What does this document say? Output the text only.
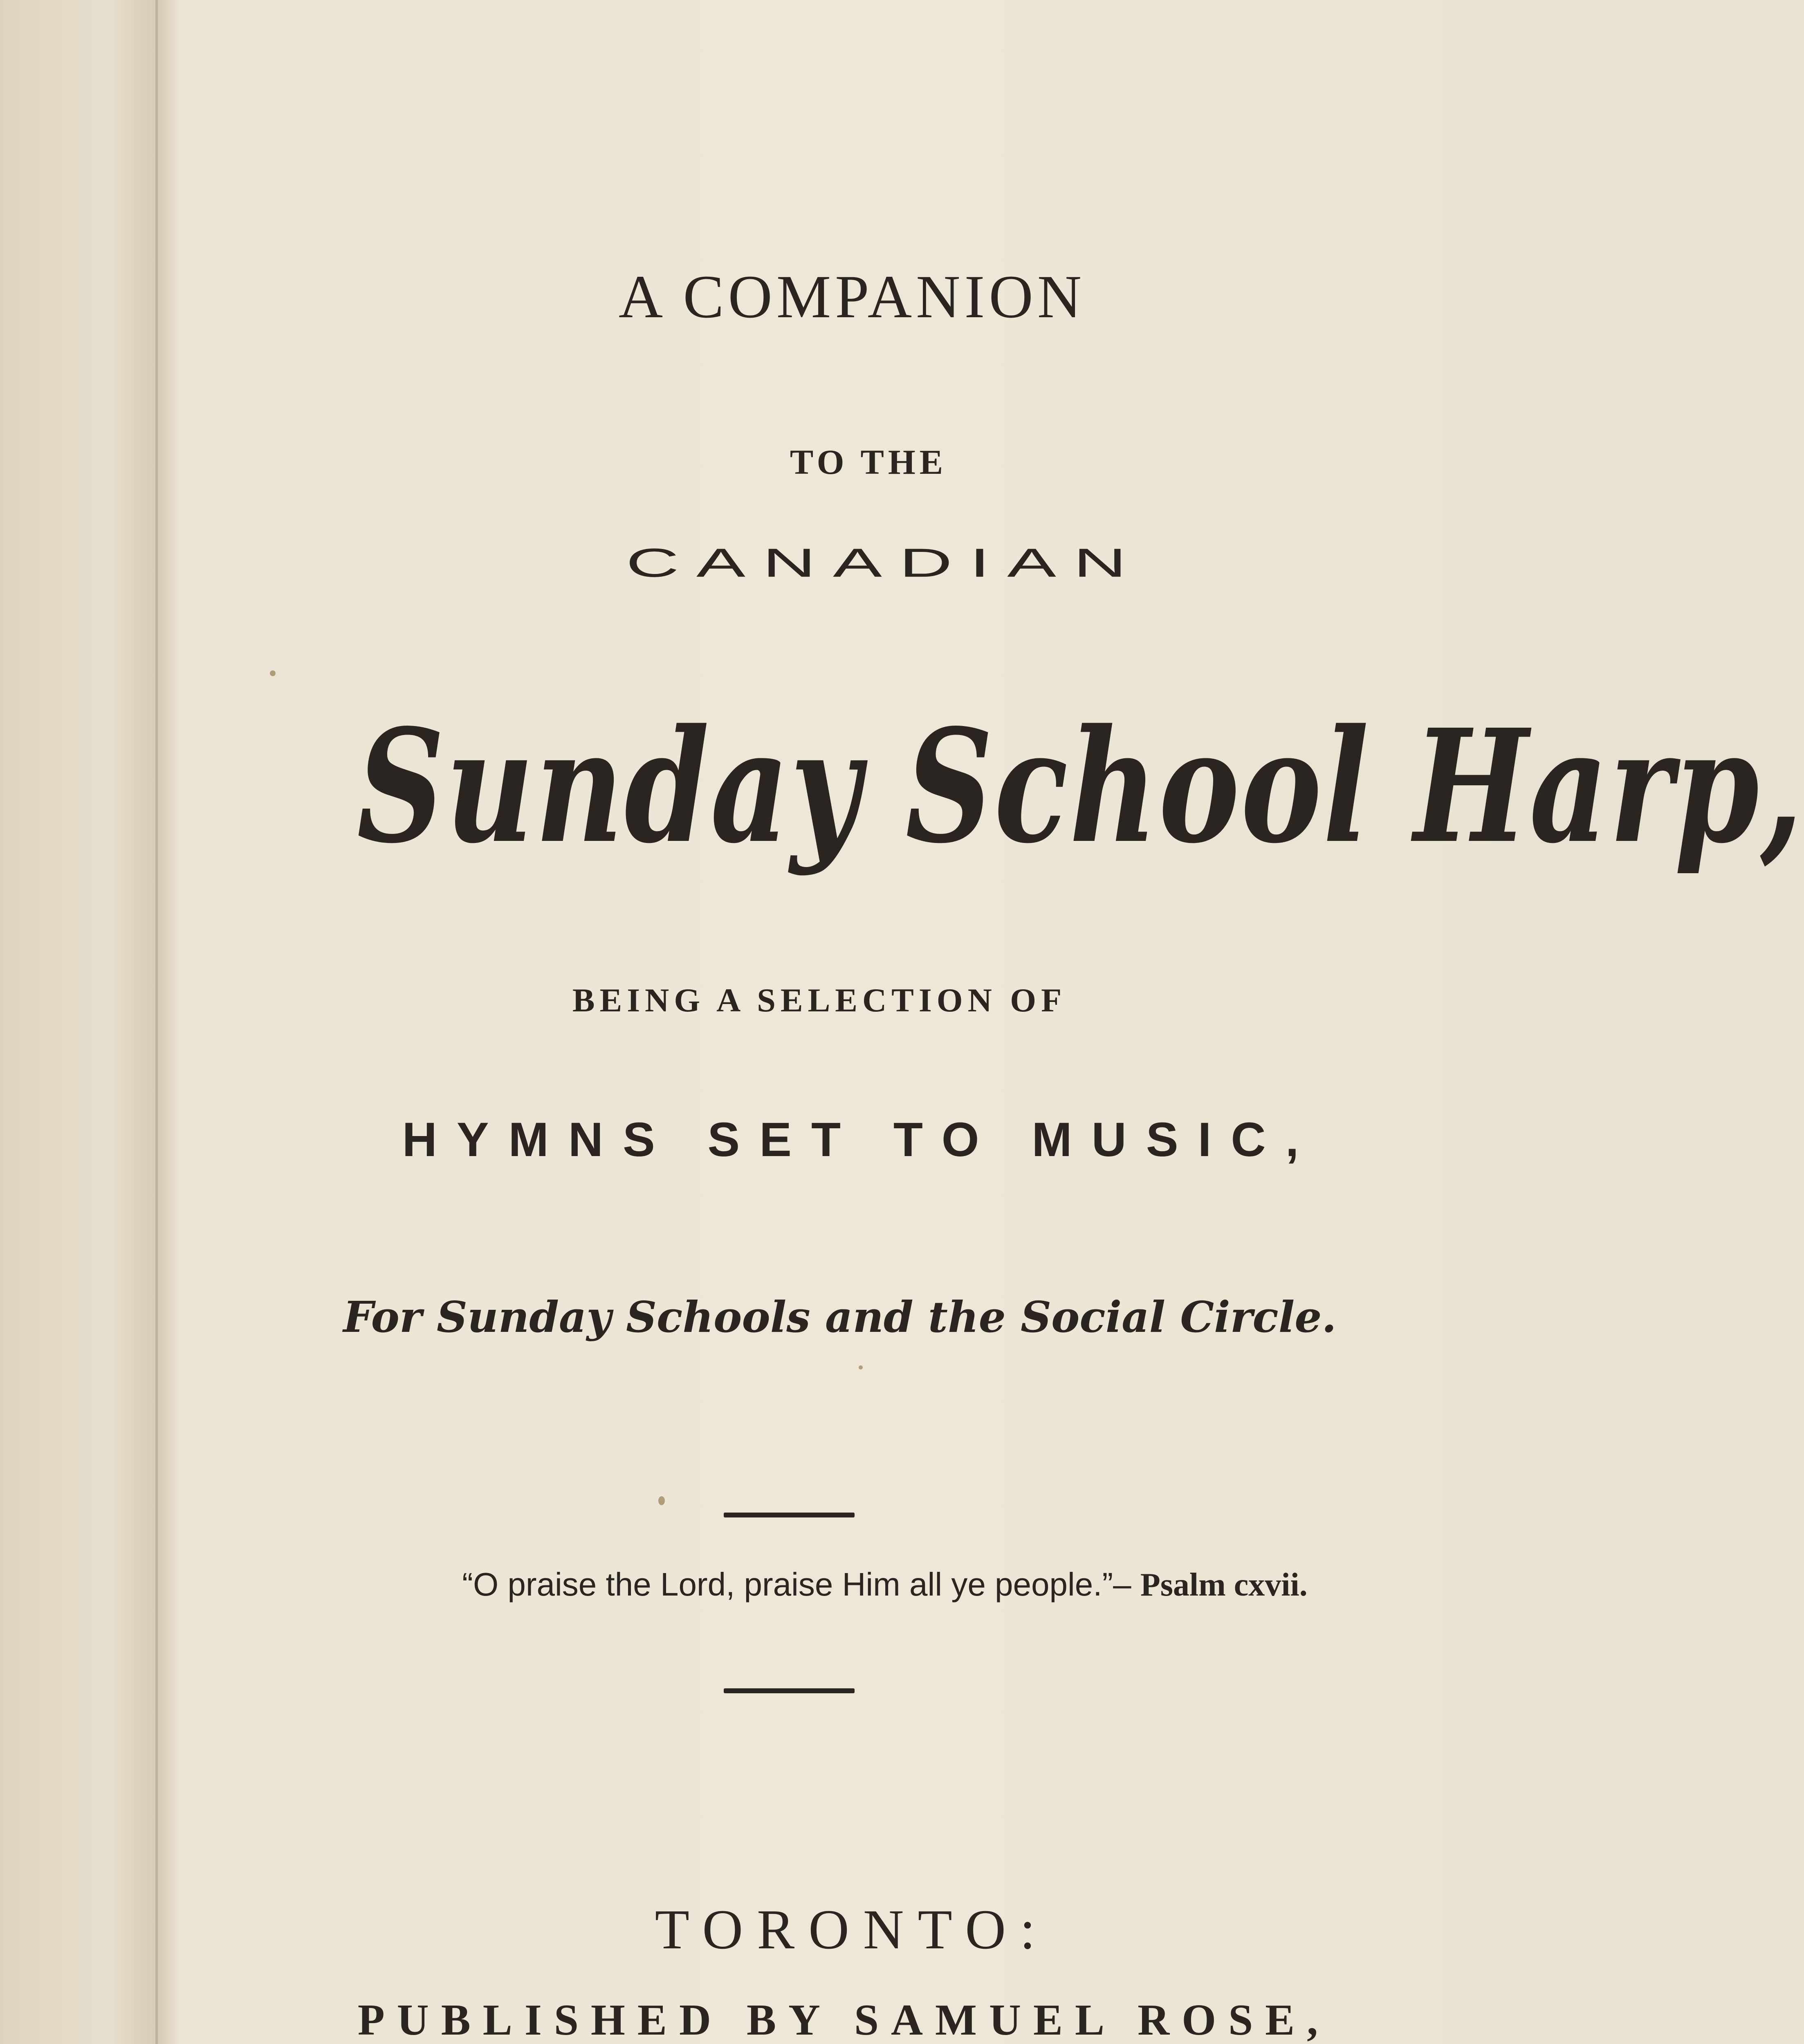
A COMPANION
TO THE
CANADIAN
Sunday School Harp,
BEING A SELECTION OF
HYMNS SET TO MUSIC,
For Sunday Schools and the Social Circle.
“O praise the Lord, praise Him all ye people.”– Psalm cxvii.
TORONTO:
PUBLISHED BY SAMUEL ROSE,
